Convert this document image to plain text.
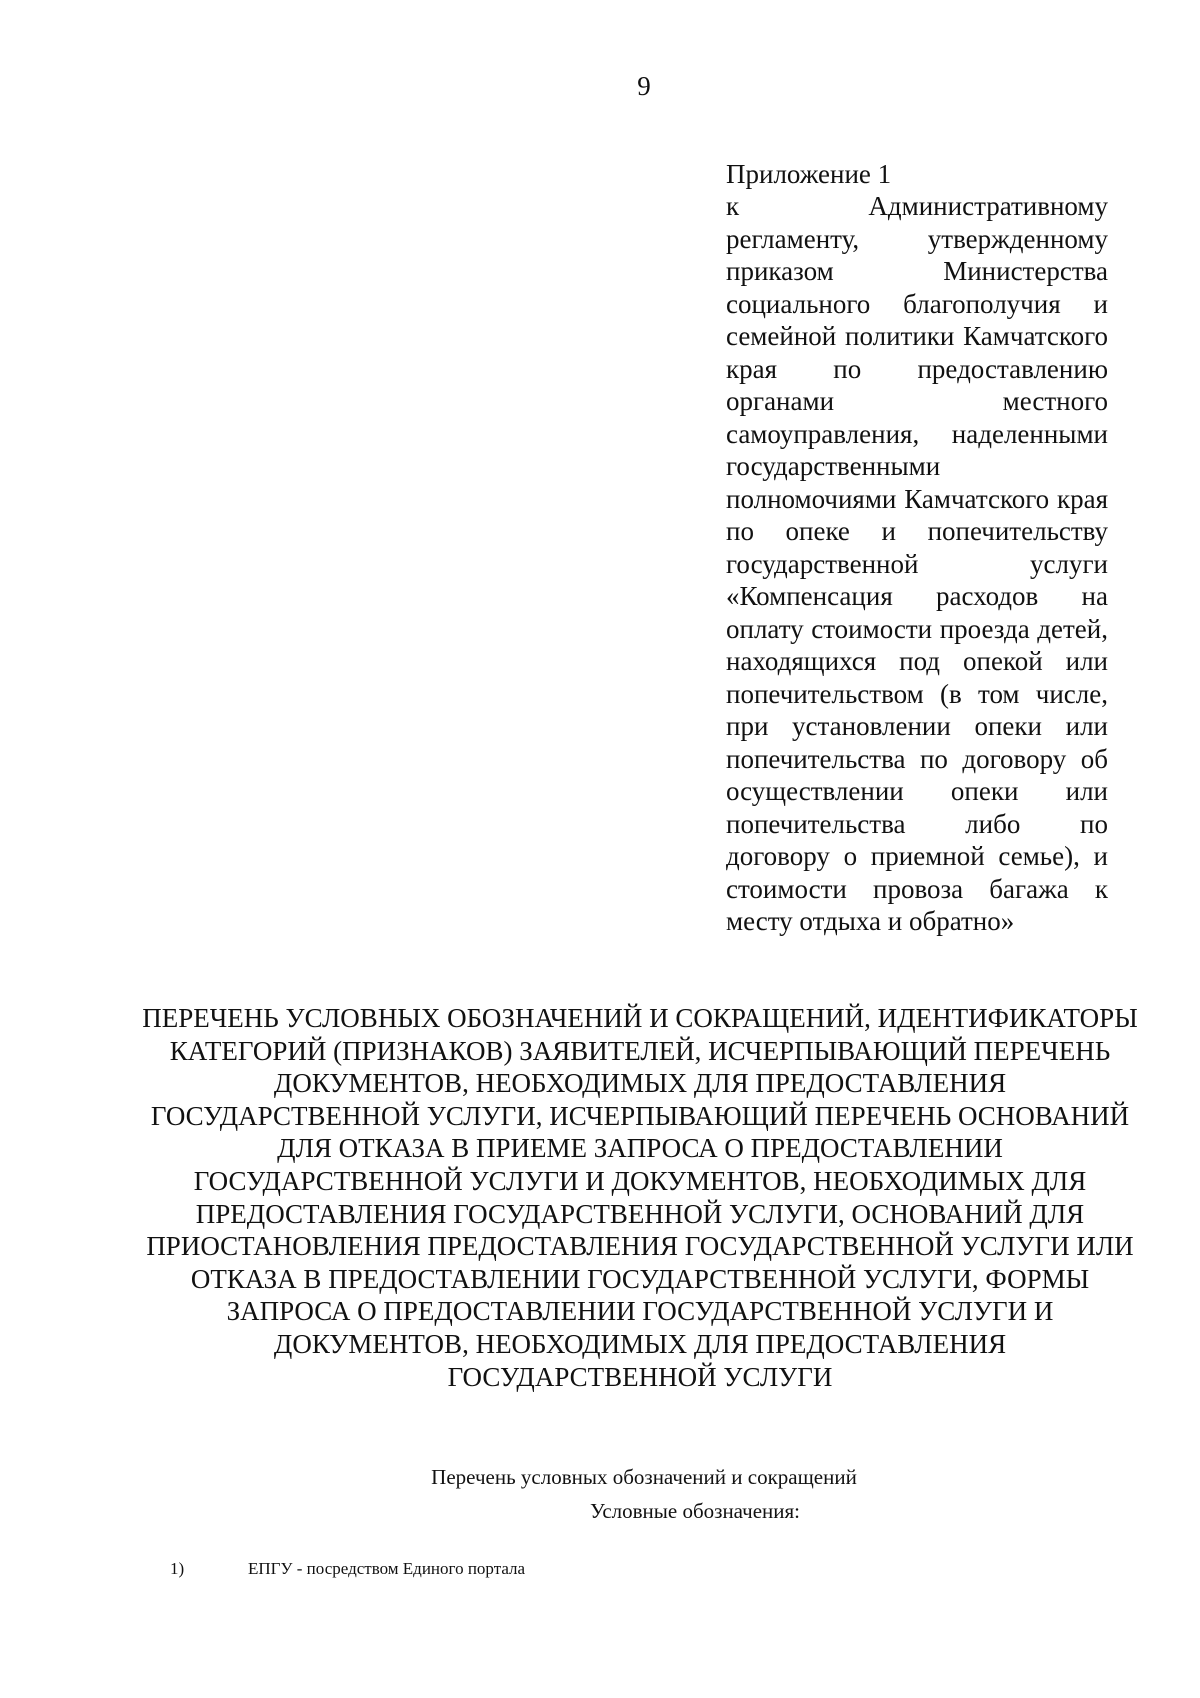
9
Приложение 1
к Административному регламенту, утвержденному приказом Министерства социального благополучия и семейной политики Камчатского края по предоставлению органами местного самоуправления, наделенными государственными полномочиями Камчатского края по опеке и попечительству государственной услуги «Компенсация расходов на оплату стоимости проезда детей, находящихся под опекой или попечительством (в том числе, при установлении опеки или попечительства по договору об осуществлении опеки или попечительства либо по договору о приемной семье), и стоимости провоза багажа к месту отдыха и обратно»
ПЕРЕЧЕНЬ УСЛОВНЫХ ОБОЗНАЧЕНИЙ И СОКРАЩЕНИЙ, ИДЕНТИФИКАТОРЫ КАТЕГОРИЙ (ПРИЗНАКОВ) ЗАЯВИТЕЛЕЙ, ИСЧЕРПЫВАЮЩИЙ ПЕРЕЧЕНЬ ДОКУМЕНТОВ, НЕОБХОДИМЫХ ДЛЯ ПРЕДОСТАВЛЕНИЯ ГОСУДАРСТВЕННОЙ УСЛУГИ, ИСЧЕРПЫВАЮЩИЙ ПЕРЕЧЕНЬ ОСНОВАНИЙ ДЛЯ ОТКАЗА В ПРИЕМЕ ЗАПРОСА О ПРЕДОСТАВЛЕНИИ ГОСУДАРСТВЕННОЙ УСЛУГИ И ДОКУМЕНТОВ, НЕОБХОДИМЫХ ДЛЯ ПРЕДОСТАВЛЕНИЯ ГОСУДАРСТВЕННОЙ УСЛУГИ, ОСНОВАНИЙ ДЛЯ ПРИОСТАНОВЛЕНИЯ ПРЕДОСТАВЛЕНИЯ ГОСУДАРСТВЕННОЙ УСЛУГИ ИЛИ ОТКАЗА В ПРЕДОСТАВЛЕНИИ ГОСУДАРСТВЕННОЙ УСЛУГИ, ФОРМЫ ЗАПРОСА О ПРЕДОСТАВЛЕНИИ ГОСУДАРСТВЕННОЙ УСЛУГИ И ДОКУМЕНТОВ, НЕОБХОДИМЫХ ДЛЯ ПРЕДОСТАВЛЕНИЯ ГОСУДАРСТВЕННОЙ УСЛУГИ
Перечень условных обозначений и сокращений
Условные обозначения:
1)	ЕПГУ - посредством Единого портала
